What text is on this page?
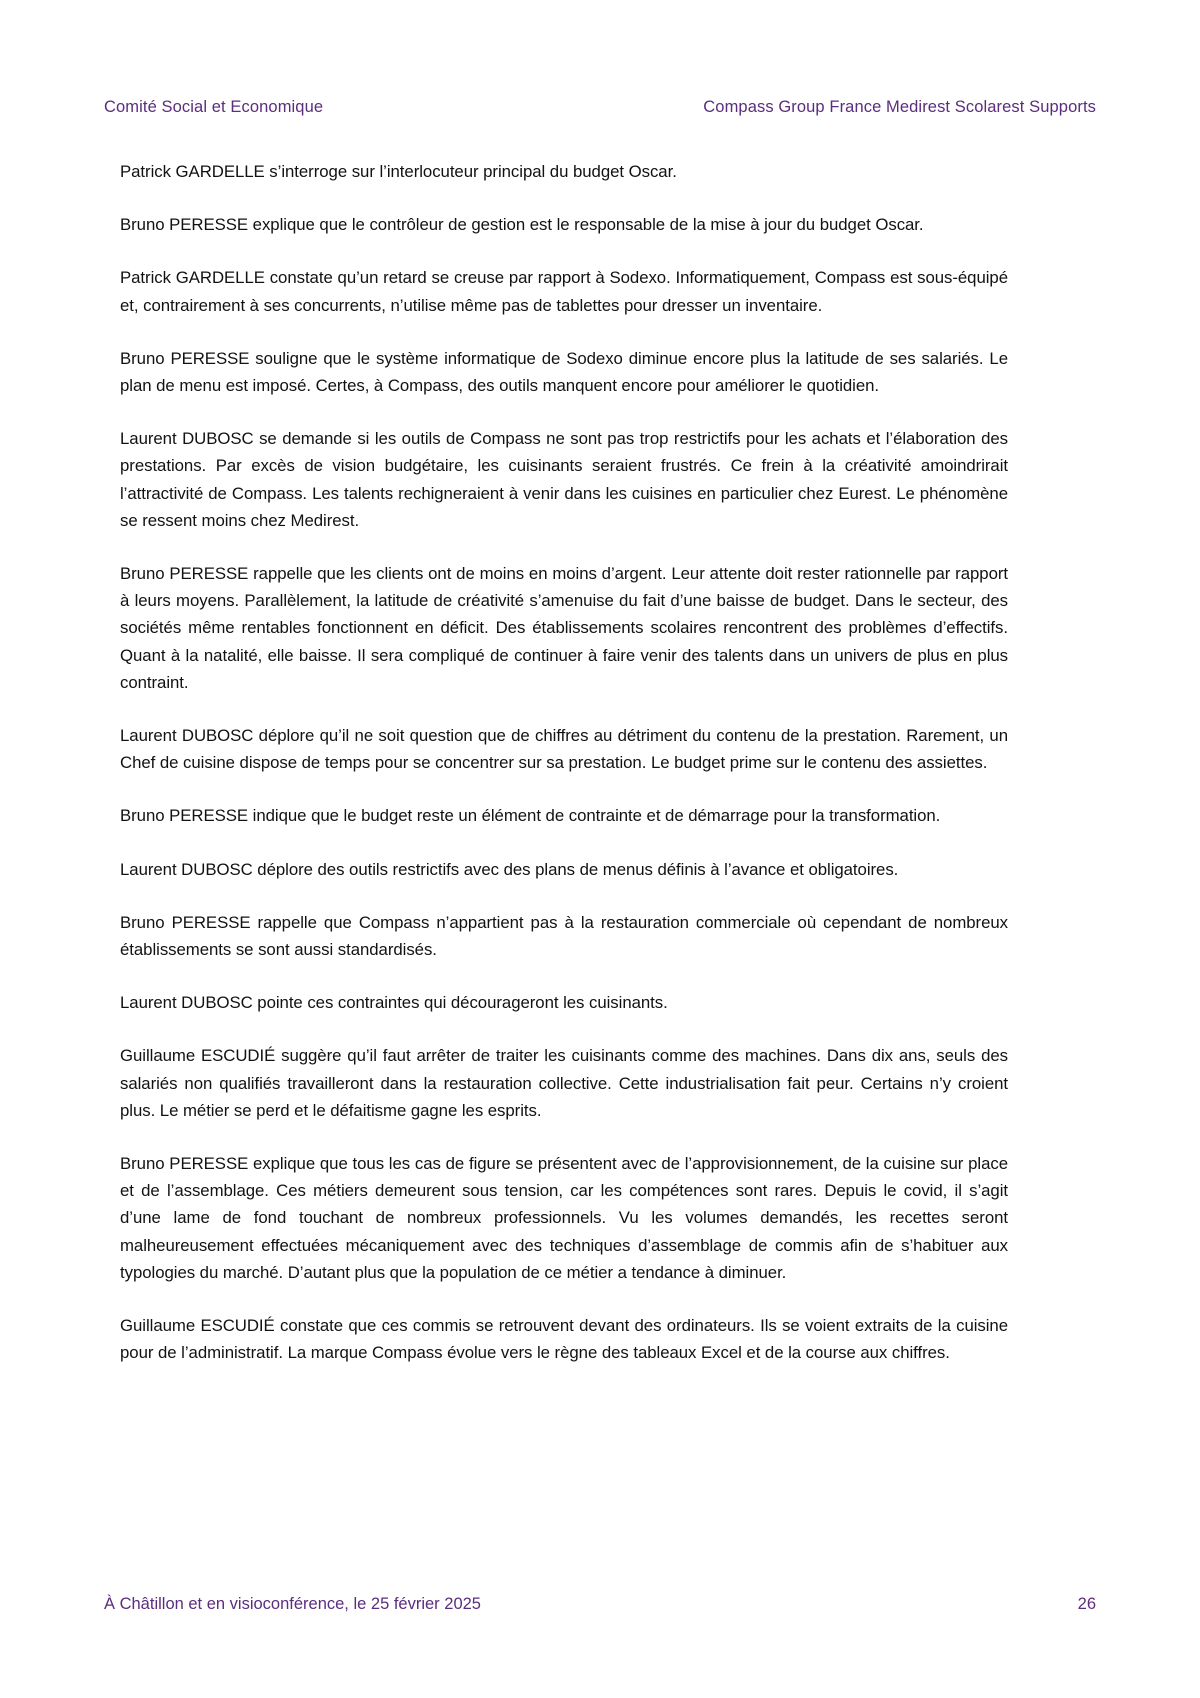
Comité Social et Economique	Compass Group France Medirest Scolarest Supports

Patrick GARDELLE s’interroge sur l’interlocuteur principal du budget Oscar.

Bruno PERESSE explique que le contrôleur de gestion est le responsable de la mise à jour du budget Oscar.

Patrick GARDELLE constate qu’un retard se creuse par rapport à Sodexo. Informatiquement, Compass est sous-équipé et, contrairement à ses concurrents, n’utilise même pas de tablettes pour dresser un inventaire.

Bruno PERESSE souligne que le système informatique de Sodexo diminue encore plus la latitude de ses salariés. Le plan de menu est imposé. Certes, à Compass, des outils manquent encore pour améliorer le quotidien.

Laurent DUBOSC se demande si les outils de Compass ne sont pas trop restrictifs pour les achats et l’élaboration des prestations. Par excès de vision budgétaire, les cuisinants seraient frustrés. Ce frein à la créativité amoindrirait l’attractivité de Compass. Les talents rechigneraient à venir dans les cuisines en particulier chez Eurest. Le phénomène se ressent moins chez Medirest.

Bruno PERESSE rappelle que les clients ont de moins en moins d’argent. Leur attente doit rester rationnelle par rapport à leurs moyens. Parallèlement, la latitude de créativité s’amenuise du fait d’une baisse de budget. Dans le secteur, des sociétés même rentables fonctionnent en déficit. Des établissements scolaires rencontrent des problèmes d’effectifs. Quant à la natalité, elle baisse. Il sera compliqué de continuer à faire venir des talents dans un univers de plus en plus contraint.

Laurent DUBOSC déplore qu’il ne soit question que de chiffres au détriment du contenu de la prestation. Rarement, un Chef de cuisine dispose de temps pour se concentrer sur sa prestation. Le budget prime sur le contenu des assiettes.

Bruno PERESSE indique que le budget reste un élément de contrainte et de démarrage pour la transformation.

Laurent DUBOSC déplore des outils restrictifs avec des plans de menus définis à l’avance et obligatoires.

Bruno PERESSE rappelle que Compass n’appartient pas à la restauration commerciale où cependant de nombreux établissements se sont aussi standardisés.

Laurent DUBOSC pointe ces contraintes qui décourageront les cuisinants.

Guillaume ESCUDIÉ suggère qu’il faut arrêter de traiter les cuisinants comme des machines. Dans dix ans, seuls des salariés non qualifiés travailleront dans la restauration collective. Cette industrialisation fait peur. Certains n’y croient plus. Le métier se perd et le défaitisme gagne les esprits.

Bruno PERESSE explique que tous les cas de figure se présentent avec de l’approvisionnement, de la cuisine sur place et de l’assemblage. Ces métiers demeurent sous tension, car les compétences sont rares. Depuis le covid, il s’agit d’une lame de fond touchant de nombreux professionnels. Vu les volumes demandés, les recettes seront malheureusement effectuées mécaniquement avec des techniques d’assemblage de commis afin de s’habituer aux typologies du marché. D’autant plus que la population de ce métier a tendance à diminuer.

Guillaume ESCUDIÉ constate que ces commis se retrouvent devant des ordinateurs. Ils se voient extraits de la cuisine pour de l’administratif. La marque Compass évolue vers le règne des tableaux Excel et de la course aux chiffres.

À Châtillon et en visioconférence, le 25 février 2025	26
